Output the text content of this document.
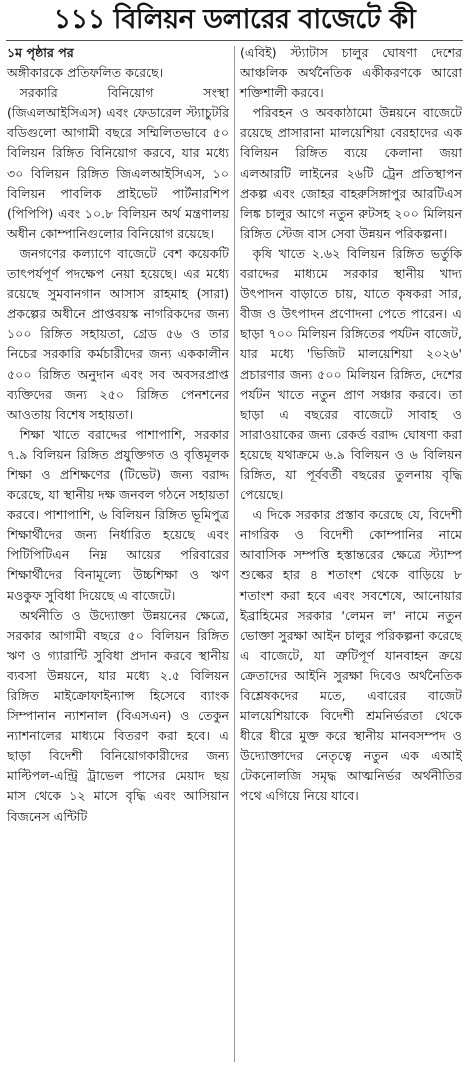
১১১ বিলিয়ন ডলারের বাজেটে কী

১ম পৃষ্ঠার পর

অঙ্গীকারকে প্রতিফলিত করেছে।

সরকারি বিনিয়োগ সংস্থা (জিএলআইসিএস) এবং ফেডারেল স্ট্যাচুটরি বডিগুলো আগামী বছরে সম্মিলিতভাবে ৫০ বিলিয়ন রিঙ্গিত বিনিয়োগ করবে, যার মধ্যে ৩০ বিলিয়ন রিঙ্গিত জিএলআইসিএস, ১০ বিলিয়ন পাবলিক প্রাইভেট পার্টনারশিপ (পিপিপি) এবং ১০.৮ বিলিয়ন অর্থ মন্ত্রণালয় অধীন কোম্পানিগুলোর বিনিয়োগ রয়েছে।

জনগণের কল্যাণে বাজেটে বেশ কয়েকটি তাৎপর্যপূর্ণ পদক্ষেপ নেয়া হয়েছে। এর মধ্যে রয়েছে সুমবানগান আসাস রাহমাহ (সারা) প্রকল্পের অধীনে প্রাপ্তবয়স্ক নাগরিকদের জন্য ১০০ রিঙ্গিত সহায়তা, গ্রেড ৫৬ ও তার নিচের সরকারি কর্মচারীদের জন্য এককালীন ৫০০ রিঙ্গিত অনুদান এবং সব অবসরপ্রাপ্ত ব্যক্তিদের জন্য ২৫০ রিঙ্গিত পেনশনের আওতায় বিশেষ সহায়তা।

শিক্ষা খাতে বরাদ্দের পাশাপাশি, সরকার ৭.৯ বিলিয়ন রিঙ্গিত প্রযুক্তিগত ও বৃত্তিমূলক শিক্ষা ও প্রশিক্ষণের (টিভেট) জন্য বরাদ্দ করেছে, যা স্থানীয় দক্ষ জনবল গঠনে সহায়তা করবে। পাশাপাশি, ৬ বিলিয়ন রিঙ্গিত ভূমিপুত্র শিক্ষার্থীদের জন্য নির্ধারিত হয়েছে এবং পিটিপিটিএন নিম্ন আয়ের পরিবারের শিক্ষার্থীদের বিনামূল্যে উচ্চশিক্ষা ও ঋণ মওকুফ সুবিধা দিয়েছে এ বাজেটে।

অর্থনীতি ও উদ্যোক্তা উন্নয়নের ক্ষেত্রে, সরকার আগামী বছরে ৫০ বিলিয়ন রিঙ্গিত ঋণ ও গ্যারান্টি সুবিধা প্রদান করবে স্থানীয় ব্যবসা উন্নয়নে, যার মধ্যে ২.৫ বিলিয়ন রিঙ্গিত মাইক্রোফাইন্যান্স হিসেবে ব্যাংক সিম্পানান ন্যাশনাল (বিএসএন) ও তেকুন ন্যাশনালের মাধ্যমে বিতরণ করা হবে। এ ছাড়া বিদেশী বিনিয়োগকারীদের জন্য মাল্টিপল-এন্ট্রি ট্রাভেল পাসের মেয়াদ ছয় মাস থেকে ১২ মাসে বৃদ্ধি এবং আসিয়ান বিজনেস এন্টিটি

(এবিই) স্ট্যাটাস চালুর ঘোষণা দেশের আঞ্চলিক অর্থনৈতিক একীকরণকে আরো শক্তিশালী করবে।

পরিবহন ও অবকাঠামো উন্নয়নে বাজেটে রয়েছে প্রাসারানা মালয়েশিয়া বেরহাদের এক বিলিয়ন রিঙ্গিত ব্যয়ে কেলানা জয়া এলআরটি লাইনের ২৬টি ট্রেন প্রতিস্থাপন প্রকল্প এবং জোহর বাহরুসিঙ্গাপুর আরটিএস লিঙ্ক চালুর আগে নতুন রুটসহ ২০০ মিলিয়ন রিঙ্গিত স্টেজ বাস সেবা উন্নয়ন পরিকল্পনা।

কৃষি খাতে ২.৬২ বিলিয়ন রিঙ্গিত ভর্তুকি বরাদ্দের মাধ্যমে সরকার স্থানীয় খাদ্য উৎপাদন বাড়াতে চায়, যাতে কৃষকরা সার, বীজ ও উৎপাদন প্রণোদনা পেতে পারেন। এ ছাড়া ৭০০ মিলিয়ন রিঙ্গিতের পর্যটন বাজেট, যার মধ্যে 'ভিজিট মালয়েশিয়া ২০২৬' প্রচারণার জন্য ৫০০ মিলিয়ন রিঙ্গিত, দেশের পর্যটন খাতে নতুন প্রাণ সঞ্চার করবে। তা ছাড়া এ বছরের বাজেটে সাবাহ ও সারাওয়াকের জন্য রেকর্ড বরাদ্দ ঘোষণা করা হয়েছে যথাক্রমে ৬.৯ বিলিয়ন ও ৬ বিলিয়ন রিঙ্গিত, যা পূর্ববর্তী বছরের তুলনায় বৃদ্ধি পেয়েছে।

এ দিকে সরকার প্রস্তাব করেছে যে, বিদেশী নাগরিক ও বিদেশী কোম্পানির নামে আবাসিক সম্পত্তি হস্তান্তরের ক্ষেত্রে স্ট্যাম্প শুল্কের হার ৪ শতাংশ থেকে বাড়িয়ে ৮ শতাংশ করা হবে এবং সবশেষে, আনোয়ার ইব্রাহিমের সরকার 'লেমন ল' নামে নতুন ভোক্তা সুরক্ষা আইন চালুর পরিকল্পনা করেছে এ বাজেটে, যা ত্রুটিপূর্ণ যানবাহন ক্রয়ে ক্রেতাদের আইনি সুরক্ষা দিবেও অর্থনৈতিক বিশ্লেষকদের মতে, এবারের বাজেট মালয়েশিয়াকে বিদেশী শ্রমনির্ভরতা থেকে ধীরে ধীরে মুক্ত করে স্থানীয় মানবসম্পদ ও উদ্যোক্তাদের নেতৃত্বে নতুন এক এআই টেকনোলজি সমৃদ্ধ আত্মনির্ভর অর্থনীতির পথে এগিয়ে নিয়ে যাবে।
